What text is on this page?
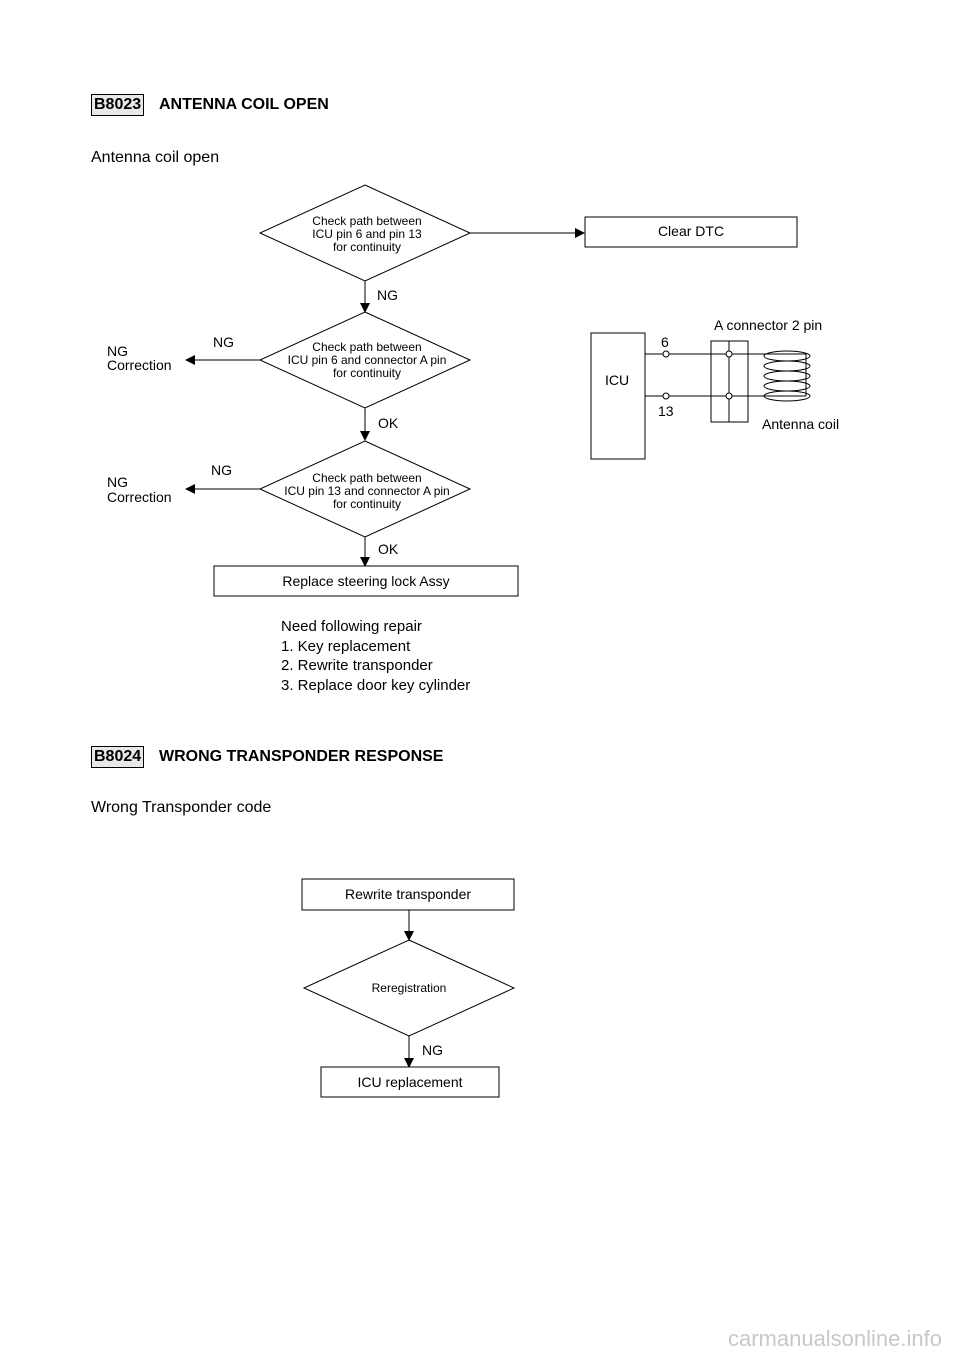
B8023 ANTENNA COIL OPEN
Antenna coil open
B8024 WRONG TRANSPONDER RESPONSE
Wrong Transponder code
Check path between
ICU pin 6 and pin 13
for continuity
Clear DTC
NG
Check path between
ICU pin 6 and connector A pin
for continuity
NG
NG
Correction
OK
Check path between
ICU pin 13 and connector A pin
for continuity
NG
NG
Correction
OK
Replace steering lock Assy
ICU
6
13
A connector 2 pin
Antenna coil
Rewrite transponder
Reregistration
NG
ICU replacement
Need following repair
1. Key replacement
2. Rewrite transponder
3. Replace door key cylinder
carmanualsonline.info
